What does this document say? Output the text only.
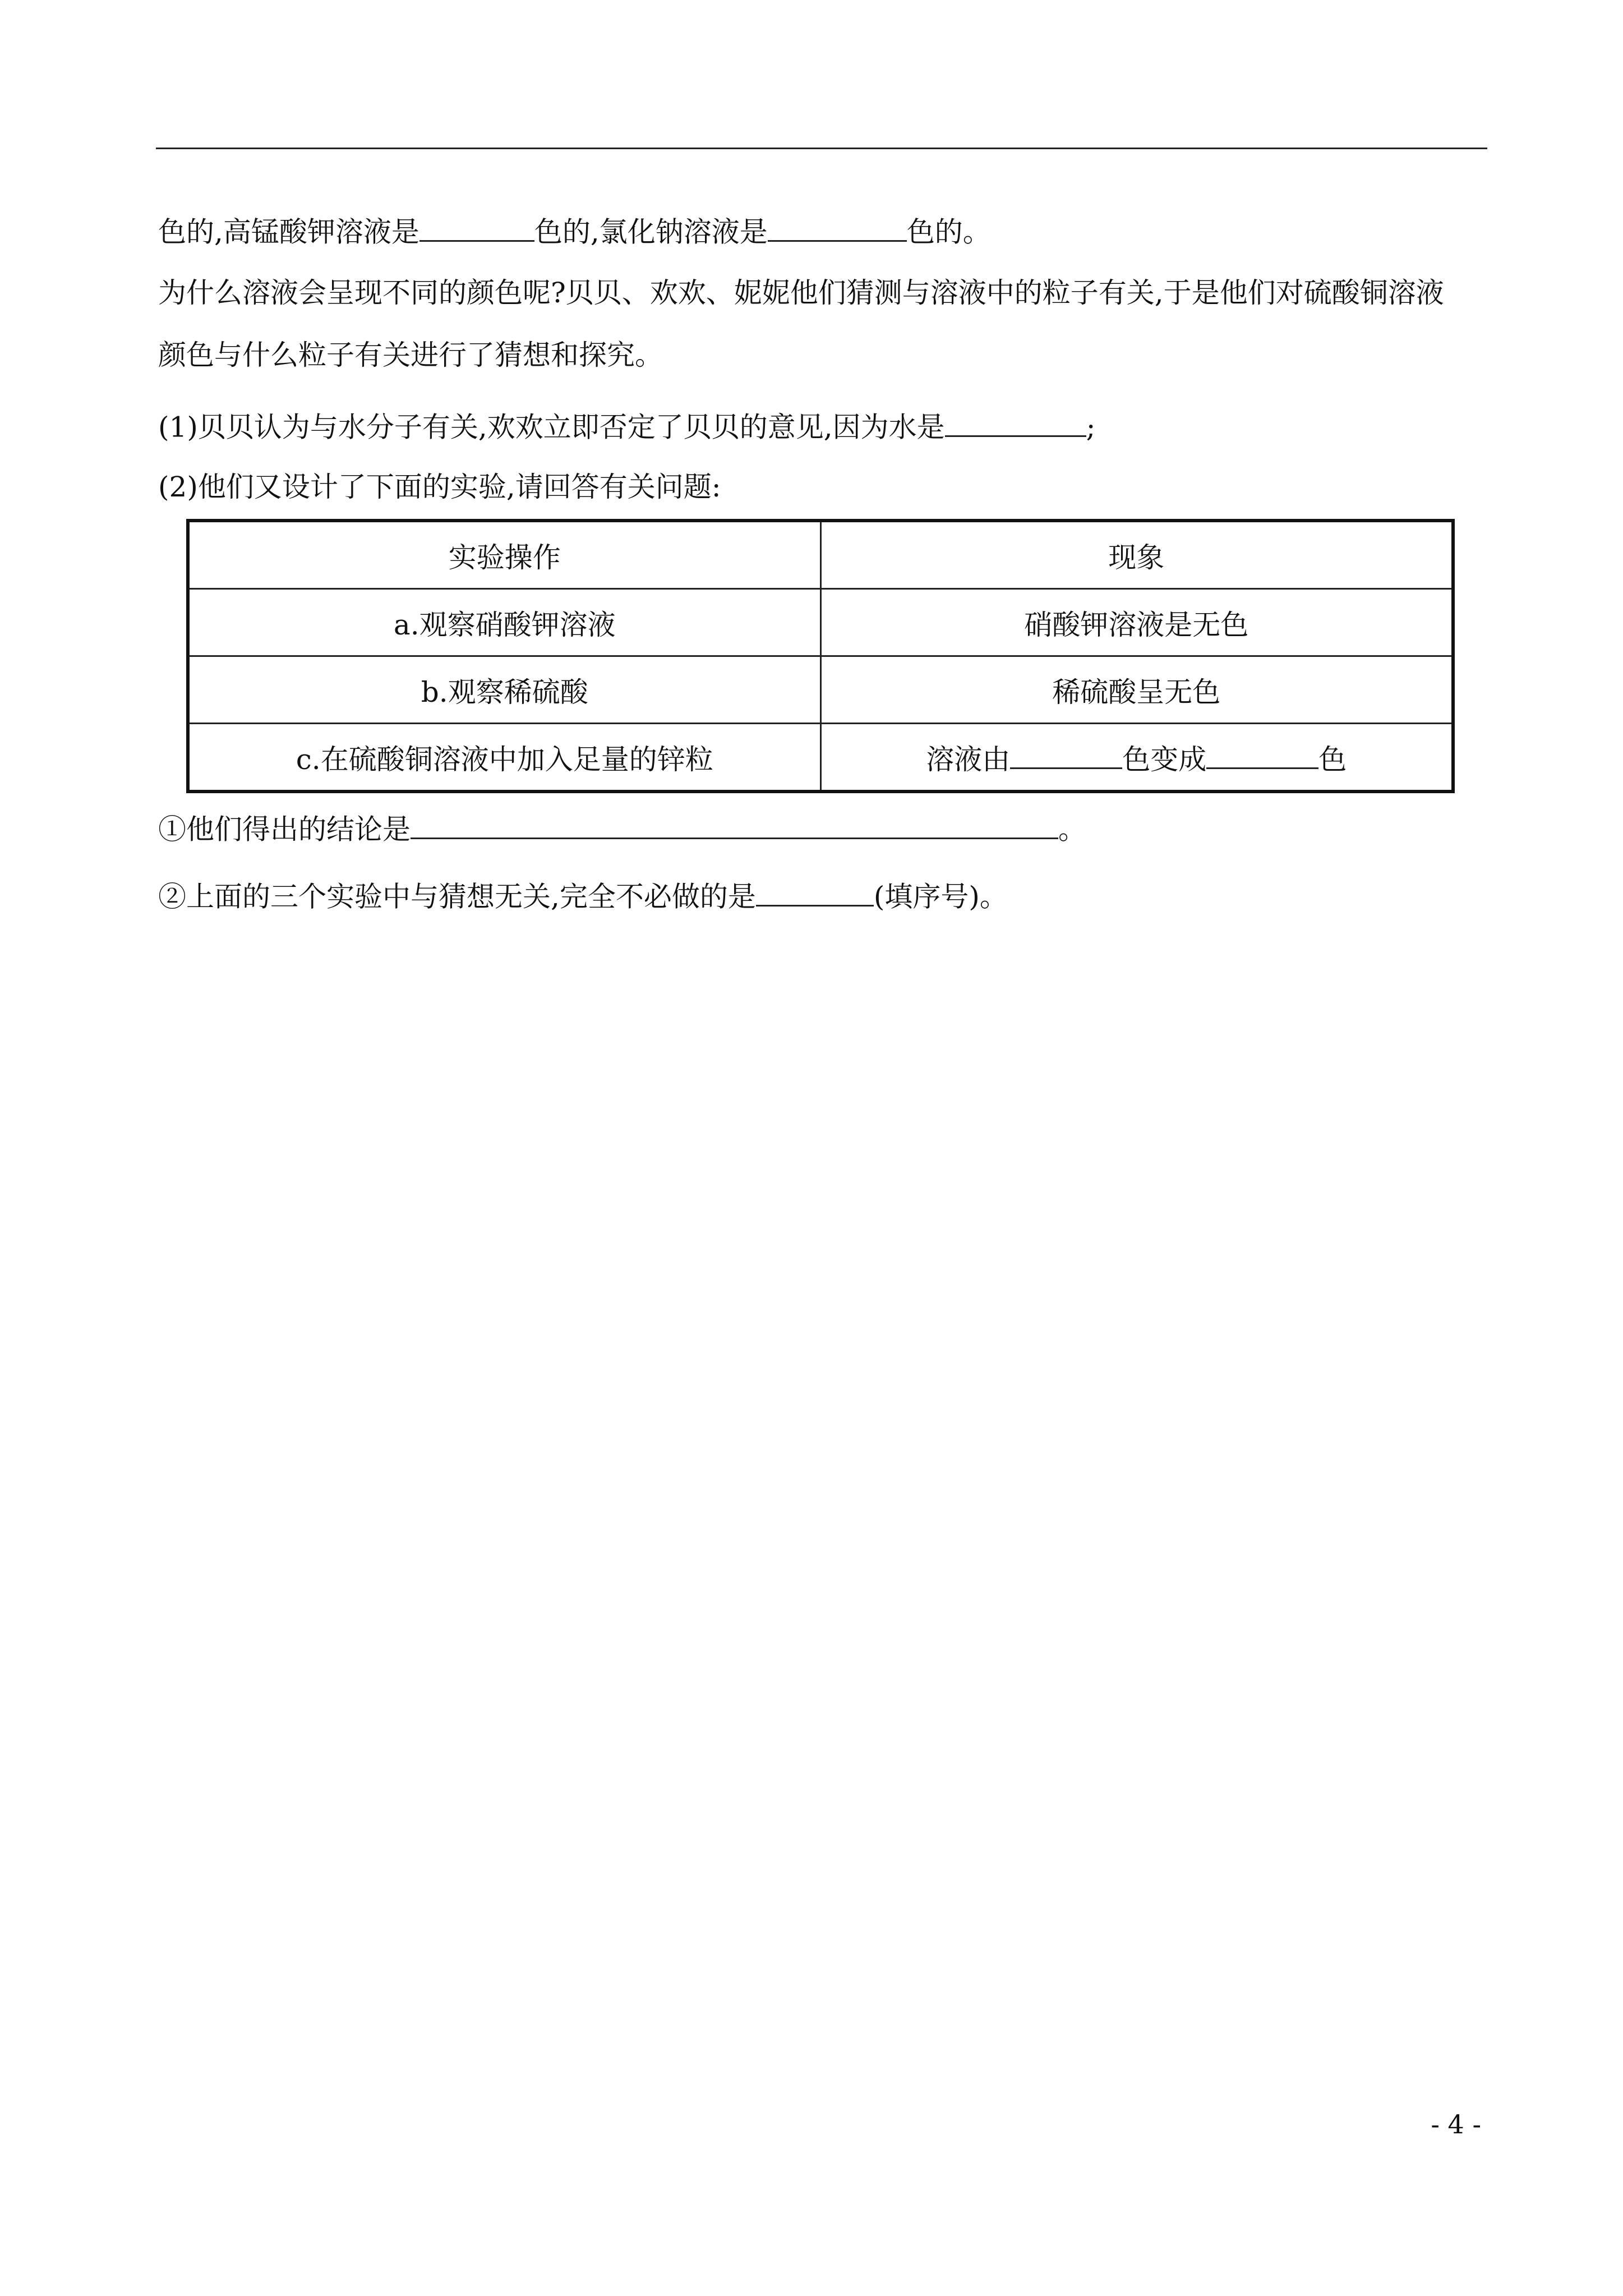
色的,高锰酸钾溶液是	色的,氯化钠溶液是	色的。
为什么溶液会呈现不同的颜色呢?贝贝、欢欢、妮妮他们猜测与溶液中的粒子有关,于是他们对硫酸铜溶液
颜色与什么粒子有关进行了猜想和探究。
(1)贝贝认为与水分子有关,欢欢立即否定了贝贝的意见,因为水是	;
(2)他们又设计了下面的实验,请回答有关问题:
实验操作	现象
a.观察硝酸钾溶液	硝酸钾溶液是无色
b.观察稀硫酸	稀硫酸呈无色
c.在硫酸铜溶液中加入足量的锌粒	溶液由 色变成 色
①他们得出的结论是	。
②上面的三个实验中与猜想无关,完全不必做的是	(填序号)。
- 4 -
